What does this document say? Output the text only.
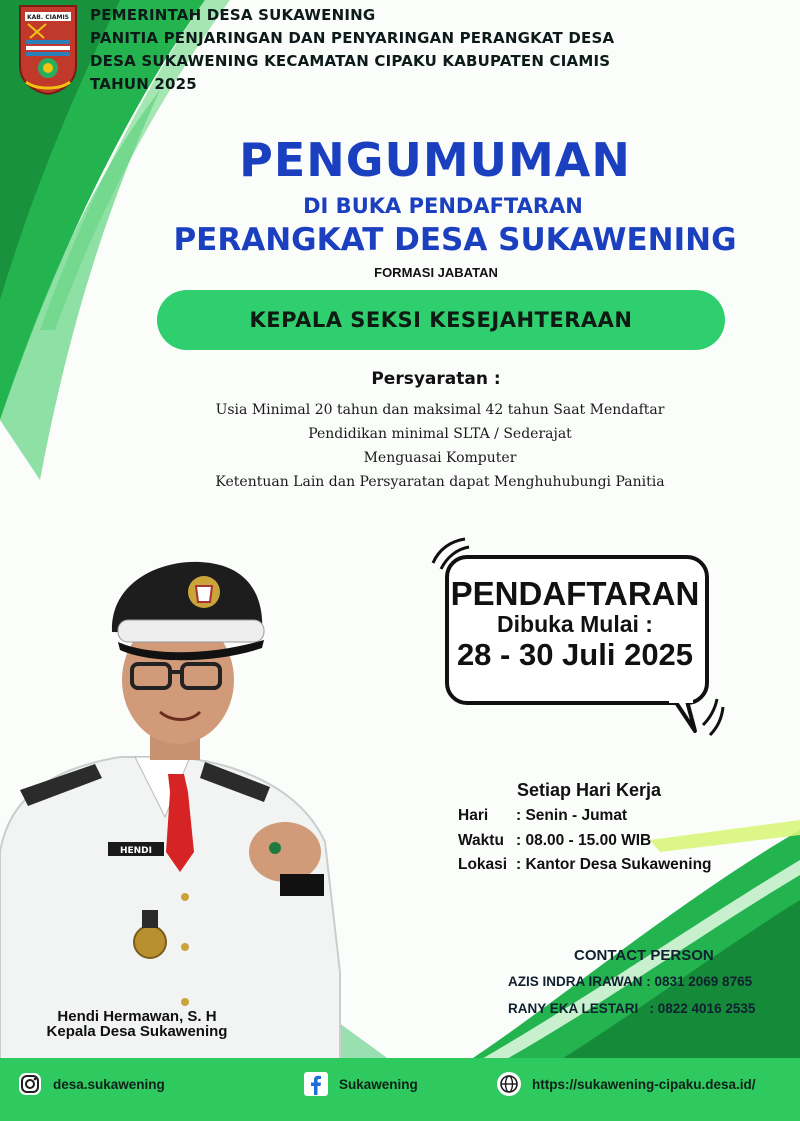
KAB. CIAMIS PEMERINTAH DESA SUKAWENING
PANITIA PENJARINGAN DAN PENYARINGAN PERANGKAT DESA
DESA SUKAWENING KECAMATAN CIPAKU KABUPATEN CIAMIS
TAHUN 2025
PENGUMUMAN
DI BUKA PENDAFTARAN
PERANGKAT DESA SUKAWENING
FORMASI JABATAN
KEPALA SEKSI KESEJAHTERAAN
Persyaratan :
Usia Minimal 20 tahun dan maksimal 42 tahun Saat Mendaftar
Pendidikan minimal SLTA / Sederajat
Menguasai Komputer
Ketentuan Lain dan Persyaratan dapat Menghuhubungi Panitia
PENDAFTARAN
Dibuka Mulai :
28 - 30 Juli 2025
Setiap Hari Kerja
Hari : Senin - Jumat
Waktu : 08.00 - 15.00 WIB
Lokasi : Kantor Desa Sukawening
CONTACT PERSON
AZIS INDRA IRAWAN : 0831 2069 8765
RANY EKA LESTARI   : 0822 4016 2535
HENDI
Hendi Hermawan, S. H
Kepala Desa Sukawening
desa.sukawening	Sukawening	https://sukawening-cipaku.desa.id/
